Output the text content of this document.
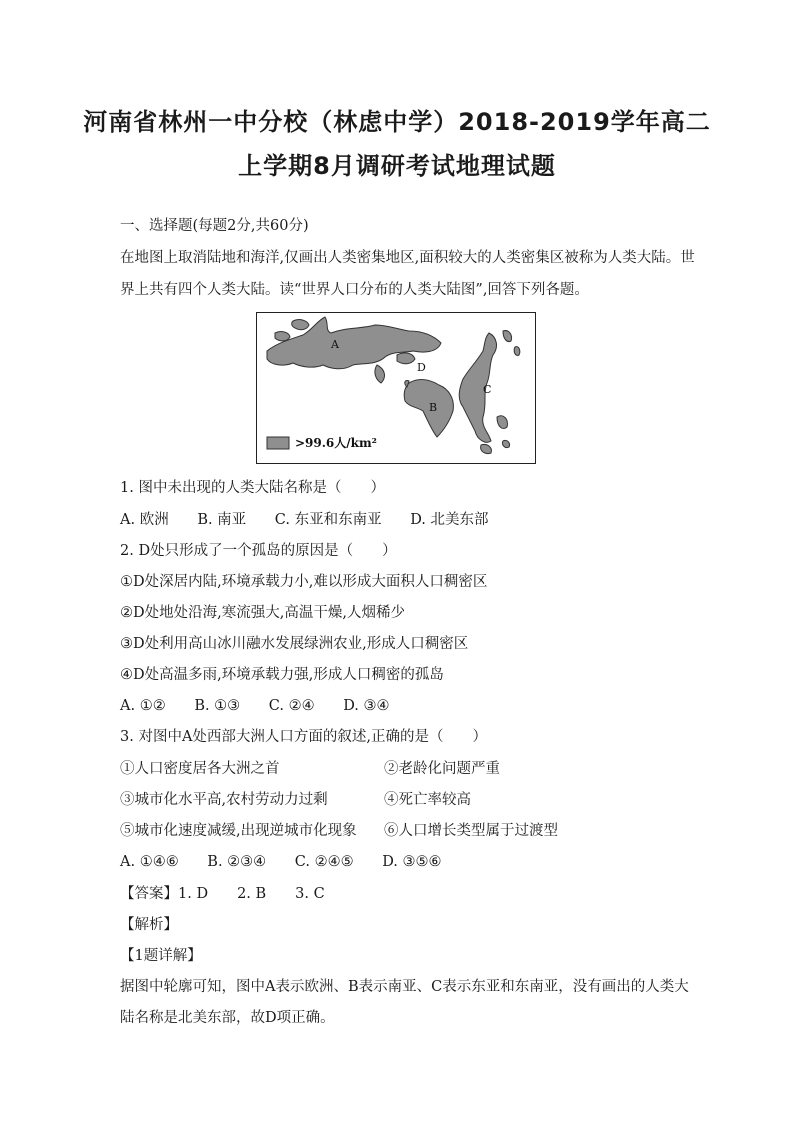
河南省林州一中分校（林虑中学）2018-2019学年高二
上学期8月调研考试地理试题
一、选择题(每题2分,共60分)
在地图上取消陆地和海洋,仅画出人类密集地区,面积较大的人类密集区被称为人类大陆。世
界上共有四个人类大陆。读“世界人口分布的人类大陆图”,回答下列各题。
A
D
B
C
>99.6人/km²
1. 图中未出现的人类大陆名称是（　　）
A. 欧洲 B. 南亚 C. 东亚和东南亚 D. 北美东部
2. D处只形成了一个孤岛的原因是（　　）
①D处深居内陆,环境承载力小,难以形成大面积人口稠密区
②D处地处沿海,寒流强大,高温干燥,人烟稀少
③D处利用高山冰川融水发展绿洲农业,形成人口稠密区
④D处高温多雨,环境承载力强,形成人口稠密的孤岛
A. ①② B. ①③ C. ②④ D. ③④
3. 对图中A处西部大洲人口方面的叙述,正确的是（　　）
①人口密度居各大洲之首	②老龄化问题严重
③城市化水平高,农村劳动力过剩	④死亡率较高
⑤城市化速度减缓,出现逆城市化现象 ⑥人口增长类型属于过渡型
A. ①④⑥ B. ②③④ C. ②④⑤ D. ③⑤⑥
【答案】1. D　　2. B　　3. C
【解析】
【1题详解】
据图中轮廓可知，图中A表示欧洲、B表示南亚、C表示东亚和东南亚，没有画出的人类大
陆名称是北美东部，故D项正确。
